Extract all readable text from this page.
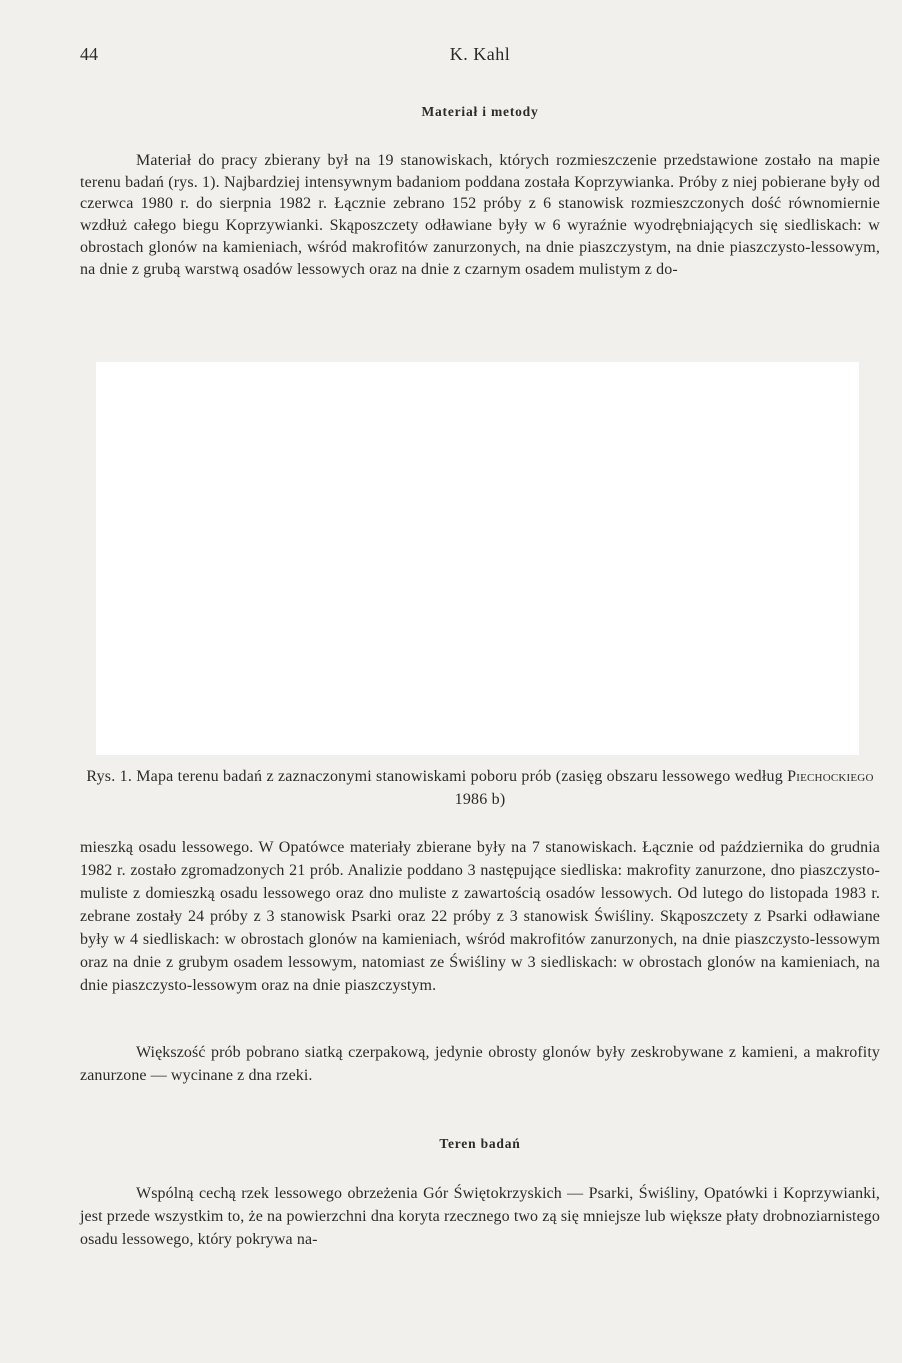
44	K. Kahl
Materiał i metody

Materiał do pracy zbierany był na 19 stanowiskach, których rozmieszczenie przedstawione zostało na mapie terenu badań (rys. 1). Najbardziej intensywnym badaniom poddana została Koprzywianka. Próby z niej pobierane były od czerwca 1980 r. do sierpnia 1982 r. Łącznie zebrano 152 próby z 6 stanowisk rozmieszczonych dość równomiernie wzdłuż całego biegu Koprzywianki. Skąposzczety odławiane były w 6 wyraźnie wyodrębniających się siedliskach: w obrostach glonów na kamieniach, wśród makrofitów zanurzonych, na dnie piaszczystym, na dnie piaszczysto-lessowym, na dnie z grubą warstwą osadów lessowych oraz na dnie z czarnym osadem mulistym z do-

Rys. 1. Mapa terenu badań z zaznaczonymi stanowiskami poboru prób (zasięg obszaru lessowego według Piechockiego 1986 b)

mieszką osadu lessowego. W Opatówce materiały zbierane były na 7 stanowiskach. Łącznie od października do grudnia 1982 r. zostało zgromadzonych 21 prób. Analizie poddano 3 następujące siedliska: makrofity zanurzone, dno piaszczysto-muliste z domieszką osadu lessowego oraz dno muliste z zawartością osadów lessowych. Od lutego do listopada 1983 r. zebrane zostały 24 próby z 3 stanowisk Psarki oraz 22 próby z 3 stanowisk Świśliny. Skąposzczety z Psarki odławiane były w 4 siedliskach: w obrostach glonów na kamieniach, wśród makrofitów zanurzonych, na dnie piaszczysto-lessowym oraz na dnie z grubym osadem lessowym, natomiast ze Świśliny w 3 siedliskach: w obrostach glonów na kamieniach, na dnie piaszczysto-lessowym oraz na dnie piaszczystym.

Większość prób pobrano siatką czerpakową, jedynie obrosty glonów były zeskrobywane z kamieni, a makrofity zanurzone — wycinane z dna rzeki.

Teren badań

Wspólną cechą rzek lessowego obrzeżenia Gór Świętokrzyskich — Psarki, Świśliny, Opatówki i Koprzywianki, jest przede wszystkim to, że na powierzchni dna koryta rzecznego two zą się mniejsze lub większe płaty drobnoziarnistego osadu lessowego, który pokrywa na-
